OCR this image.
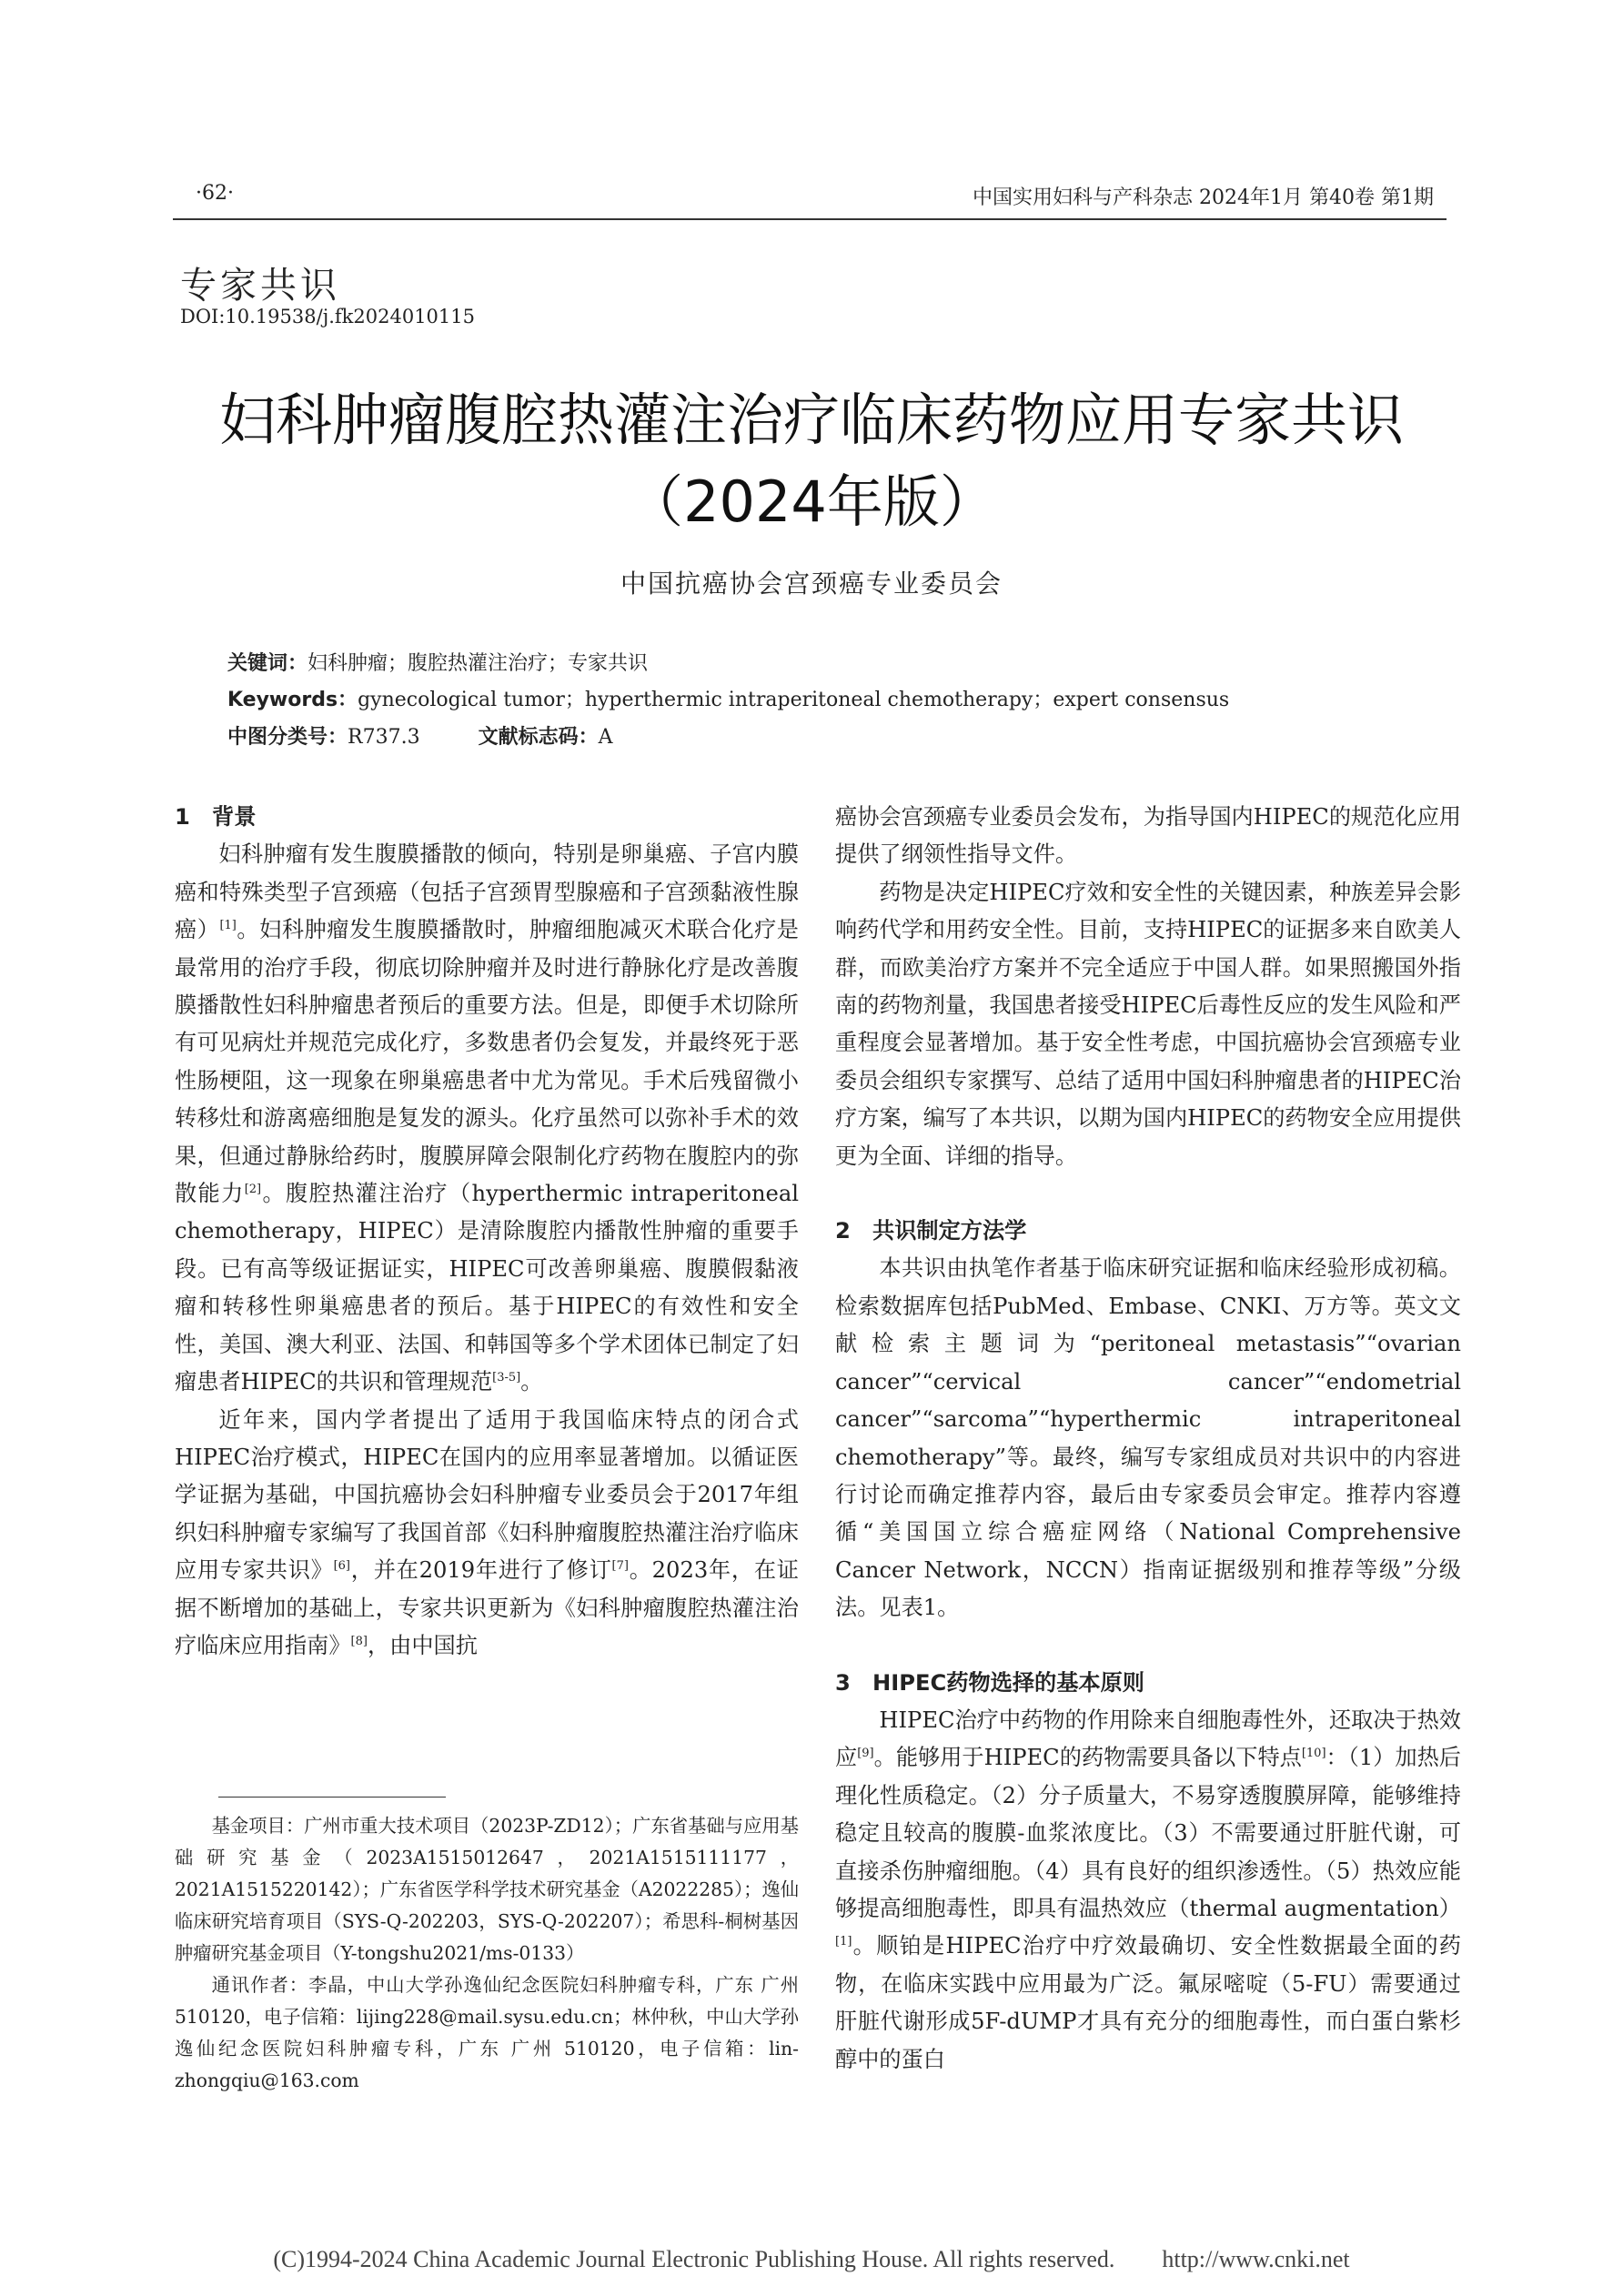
·62·	中国实用妇科与产科杂志 2024年1月 第40卷 第1期
专家共识
DOI:10.19538/j.fk2024010115
妇科肿瘤腹腔热灌注治疗临床药物应用专家共识
（2024年版）
中国抗癌协会宫颈癌专业委员会
关键词：妇科肿瘤；腹腔热灌注治疗；专家共识
Keywords：gynecological tumor；hyperthermic intraperitoneal chemotherapy；expert consensus
中图分类号：R737.3	文献标志码：A
1　背景

妇科肿瘤有发生腹膜播散的倾向，特别是卵巢癌、子宫内膜癌和特殊类型子宫颈癌（包括子宫颈胃型腺癌和子宫颈黏液性腺癌）[1]。妇科肿瘤发生腹膜播散时，肿瘤细胞减灭术联合化疗是最常用的治疗手段，彻底切除肿瘤并及时进行静脉化疗是改善腹膜播散性妇科肿瘤患者预后的重要方法。但是，即便手术切除所有可见病灶并规范完成化疗，多数患者仍会复发，并最终死于恶性肠梗阻，这一现象在卵巢癌患者中尤为常见。手术后残留微小转移灶和游离癌细胞是复发的源头。化疗虽然可以弥补手术的效果，但通过静脉给药时，腹膜屏障会限制化疗药物在腹腔内的弥散能力[2]。腹腔热灌注治疗（hyperthermic intraperitoneal chemotherapy，HIPEC）是清除腹腔内播散性肿瘤的重要手段。已有高等级证据证实，HIPEC可改善卵巢癌、腹膜假黏液瘤和转移性卵巢癌患者的预后。基于HIPEC的有效性和安全性，美国、澳大利亚、法国、和韩国等多个学术团体已制定了妇瘤患者HIPEC的共识和管理规范[3-5]。

近年来，国内学者提出了适用于我国临床特点的闭合式HIPEC治疗模式，HIPEC在国内的应用率显著增加。以循证医学证据为基础，中国抗癌协会妇科肿瘤专业委员会于2017年组织妇科肿瘤专家编写了我国首部《妇科肿瘤腹腔热灌注治疗临床应用专家共识》[6]，并在2019年进行了修订[7]。2023年，在证据不断增加的基础上，专家共识更新为《妇科肿瘤腹腔热灌注治疗临床应用指南》[8]，由中国抗

基金项目：广州市重大技术项目（2023P-ZD12）；广东省基础与应用基础研究基金（2023A1515012647，2021A1515111177，2021A1515220142）；广东省医学科学技术研究基金（A2022285）；逸仙临床研究培育项目（SYS-Q-202203，SYS-Q-202207）；希思科-桐树基因肿瘤研究基金项目（Y-tongshu2021/ms-0133）

通讯作者：李晶，中山大学孙逸仙纪念医院妇科肿瘤专科，广东 广州 510120，电子信箱：lijing228@mail.sysu.edu.cn；林仲秋，中山大学孙逸仙纪念医院妇科肿瘤专科，广东 广州 510120，电子信箱：lin-zhongqiu@163.com

癌协会宫颈癌专业委员会发布，为指导国内HIPEC的规范化应用提供了纲领性指导文件。

药物是决定HIPEC疗效和安全性的关键因素，种族差异会影响药代学和用药安全性。目前，支持HIPEC的证据多来自欧美人群，而欧美治疗方案并不完全适应于中国人群。如果照搬国外指南的药物剂量，我国患者接受HIPEC后毒性反应的发生风险和严重程度会显著增加。基于安全性考虑，中国抗癌协会宫颈癌专业委员会组织专家撰写、总结了适用中国妇科肿瘤患者的HIPEC治疗方案，编写了本共识，以期为国内HIPEC的药物安全应用提供更为全面、详细的指导。

2　共识制定方法学

本共识由执笔作者基于临床研究证据和临床经验形成初稿。检索数据库包括PubMed、Embase、CNKI、万方等。英文文献检索主题词为“peritoneal metastasis”“ovarian cancer”“cervical cancer”“endometrial cancer”“sarcoma”“hyperthermic intraperitoneal chemotherapy”等。最终，编写专家组成员对共识中的内容进行讨论而确定推荐内容，最后由专家委员会审定。推荐内容遵循“美国国立综合癌症网络（National Comprehensive Cancer Network，NCCN）指南证据级别和推荐等级”分级法。见表1。

3　HIPEC药物选择的基本原则

HIPEC治疗中药物的作用除来自细胞毒性外，还取决于热效应[9]。能够用于HIPEC的药物需要具备以下特点[10]：（1）加热后理化性质稳定。（2）分子质量大，不易穿透腹膜屏障，能够维持稳定且较高的腹膜-血浆浓度比。（3）不需要通过肝脏代谢，可直接杀伤肿瘤细胞。（4）具有良好的组织渗透性。（5）热效应能够提高细胞毒性，即具有温热效应（thermal augmentation）[1]。顺铂是HIPEC治疗中疗效最确切、安全性数据最全面的药物，在临床实践中应用最为广泛。氟尿嘧啶（5-FU）需要通过肝脏代谢形成5F-dUMP才具有充分的细胞毒性，而白蛋白紫杉醇中的蛋白

(C)1994-2024 China Academic Journal Electronic Publishing House. All rights reserved.　　http://www.cnki.net
